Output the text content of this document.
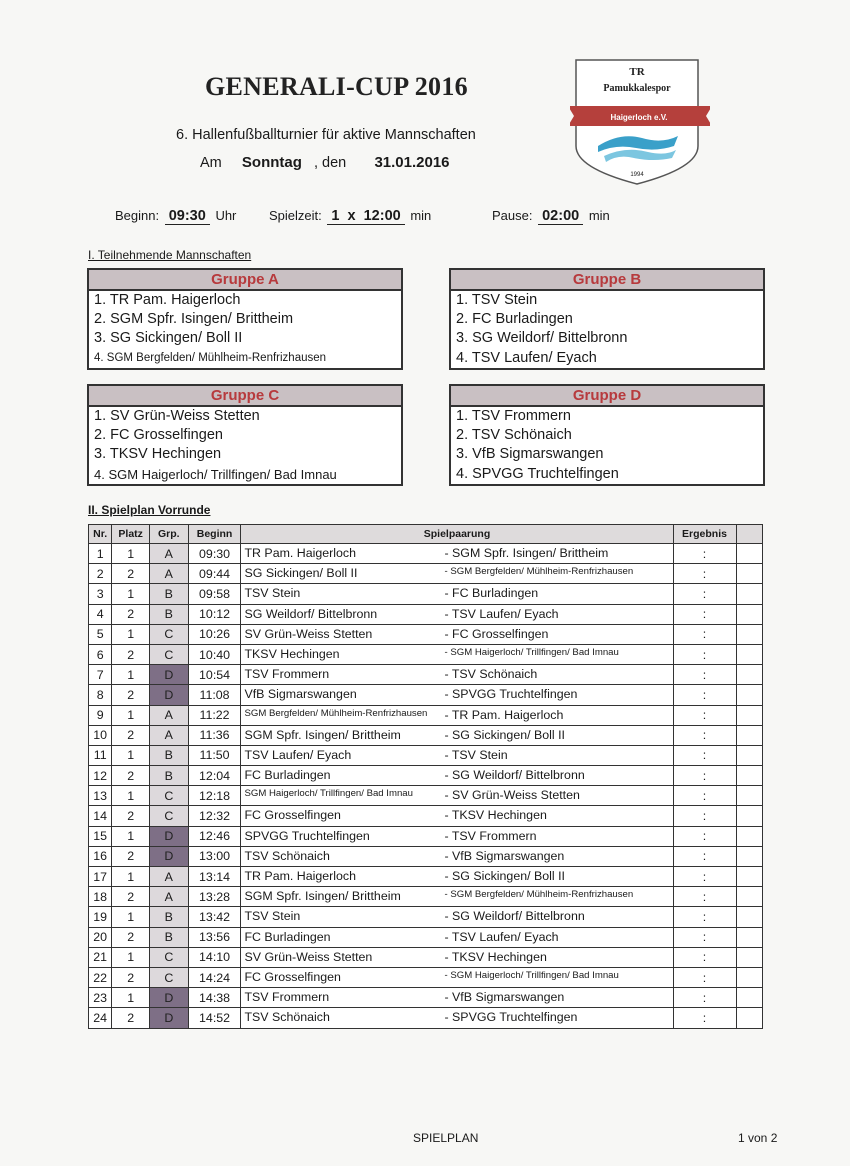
GENERALI-CUP 2016
6. Hallenfußballturnier für aktive Mannschaften
Am Sonntag , den 31.01.2016
TR
Pamukkalespor
Haigerloch e.V.
1994
Beginn: 09:30 Uhr	Spielzeit: 1  x  12:00 min	Pause: 02:00 min
I. Teilnehmende Mannschaften
Gruppe A
1. TR Pam. Haigerloch
2. SGM Spfr. Isingen/ Brittheim
3. SG Sickingen/ Boll II
4. SGM Bergfelden/ Mühlheim-Renfrizhausen
Gruppe B
1. TSV Stein
2. FC Burladingen
3. SG Weildorf/ Bittelbronn
4. TSV Laufen/ Eyach
Gruppe C
1. SV Grün-Weiss Stetten
2. FC Grosselfingen
3. TKSV Hechingen
4. SGM Haigerloch/ Trillfingen/ Bad Imnau
Gruppe D
1. TSV Frommern
2. TSV Schönaich
3. VfB Sigmarswangen
4. SPVGG Truchtelfingen
II. Spielplan Vorrunde
Nr.	Platz	Grp.	Beginn	Spielpaarung	Ergebnis	
1	1	A	09:30	TR Pam. Haigerloch - SGM Spfr. Isingen/ Brittheim	:	
2	2	A	09:44	SG Sickingen/ Boll II - SGM Bergfelden/ Mühlheim-Renfrizhausen	:	
3	1	B	09:58	TSV Stein - FC Burladingen	:	
4	2	B	10:12	SG Weildorf/ Bittelbronn - TSV Laufen/ Eyach	:	
5	1	C	10:26	SV Grün-Weiss Stetten - FC Grosselfingen	:	
6	2	C	10:40	TKSV Hechingen - SGM Haigerloch/ Trillfingen/ Bad Imnau	:	
7	1	D	10:54	TSV Frommern - TSV Schönaich	:	
8	2	D	11:08	VfB Sigmarswangen - SPVGG Truchtelfingen	:	
9	1	A	11:22	SGM Bergfelden/ Mühlheim-Renfrizhausen - TR Pam. Haigerloch	:	
10	2	A	11:36	SGM Spfr. Isingen/ Brittheim - SG Sickingen/ Boll II	:	
11	1	B	11:50	TSV Laufen/ Eyach - TSV Stein	:	
12	2	B	12:04	FC Burladingen - SG Weildorf/ Bittelbronn	:	
13	1	C	12:18	SGM Haigerloch/ Trillfingen/ Bad Imnau - SV Grün-Weiss Stetten	:	
14	2	C	12:32	FC Grosselfingen - TKSV Hechingen	:	
15	1	D	12:46	SPVGG Truchtelfingen - TSV Frommern	:	
16	2	D	13:00	TSV Schönaich - VfB Sigmarswangen	:	
17	1	A	13:14	TR Pam. Haigerloch - SG Sickingen/ Boll II	:	
18	2	A	13:28	SGM Spfr. Isingen/ Brittheim - SGM Bergfelden/ Mühlheim-Renfrizhausen	:	
19	1	B	13:42	TSV Stein - SG Weildorf/ Bittelbronn	:	
20	2	B	13:56	FC Burladingen - TSV Laufen/ Eyach	:	
21	1	C	14:10	SV Grün-Weiss Stetten - TKSV Hechingen	:	
22	2	C	14:24	FC Grosselfingen - SGM Haigerloch/ Trillfingen/ Bad Imnau	:	
23	1	D	14:38	TSV Frommern - VfB Sigmarswangen	:	
24	2	D	14:52	TSV Schönaich - SPVGG Truchtelfingen	:	
SPIELPLAN	1 von 2
